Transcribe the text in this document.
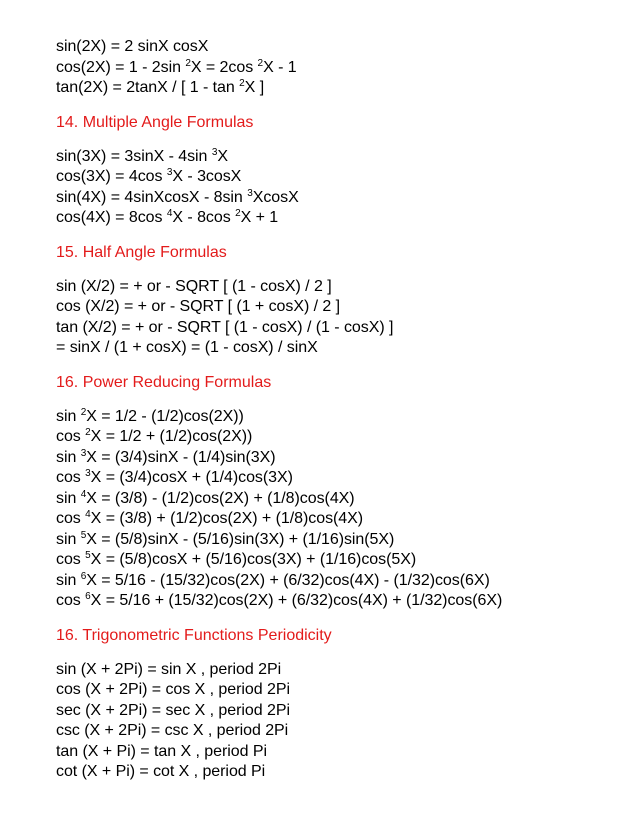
sin(2X) = 2 sinX cosX
cos(2X) = 1 - 2sin $^2$X = 2cos $^2$X - 1
tan(2X) = 2tanX / [ 1 - tan $^2$X ]
14. Multiple Angle Formulas
sin(3X) = 3sinX - 4sin $^3$X
cos(3X) = 4cos $^3$X - 3cosX
sin(4X) = 4sinXcosX - 8sin $^3$XcosX
cos(4X) = 8cos $^4$X - 8cos $^2$X + 1
15. Half Angle Formulas
sin (X/2) = + or - SQRT [ (1 - cosX) / 2 ]
cos (X/2) = + or - SQRT [ (1 + cosX) / 2 ]
tan (X/2) = + or - SQRT [ (1 - cosX) / (1 - cosX) ]
= sinX / (1 + cosX) = (1 - cosX) / sinX
16. Power Reducing Formulas
sin $^2$X = 1/2 - (1/2)cos(2X))
cos $^2$X = 1/2 + (1/2)cos(2X))
sin $^3$X = (3/4)sinX - (1/4)sin(3X)
cos $^3$X = (3/4)cosX + (1/4)cos(3X)
sin $^4$X = (3/8) - (1/2)cos(2X) + (1/8)cos(4X)
cos $^4$X = (3/8) + (1/2)cos(2X) + (1/8)cos(4X)
sin $^5$X = (5/8)sinX - (5/16)sin(3X) + (1/16)sin(5X)
cos $^5$X = (5/8)cosX + (5/16)cos(3X) + (1/16)cos(5X)
sin $^6$X = 5/16 - (15/32)cos(2X) + (6/32)cos(4X) - (1/32)cos(6X)
cos $^6$X = 5/16 + (15/32)cos(2X) + (6/32)cos(4X) + (1/32)cos(6X)
16. Trigonometric Functions Periodicity
sin (X + 2Pi) = sin X , period 2Pi
cos (X + 2Pi) = cos X , period 2Pi
sec (X + 2Pi) = sec X , period 2Pi
csc (X + 2Pi) = csc X , period 2Pi
tan (X + Pi) = tan X , period Pi
cot (X + Pi) = cot X , period Pi
